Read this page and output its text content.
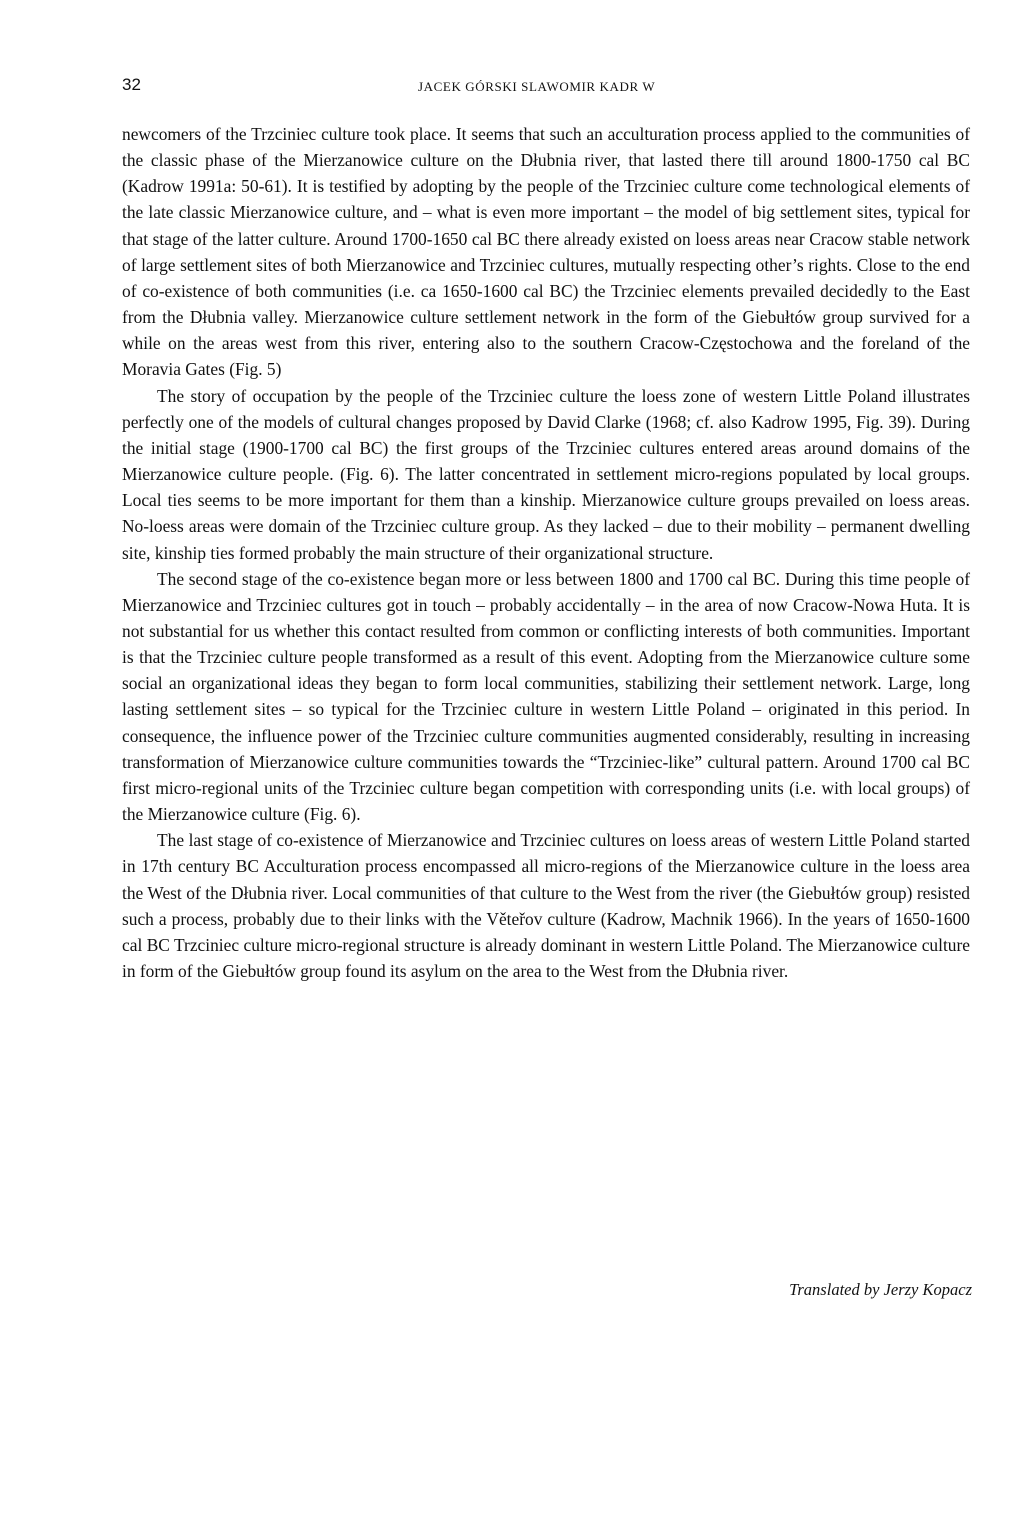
32	JACEK GÓRSKI SLAWOMIR KADR W

newcomers of the Trzciniec culture took place. It seems that such an acculturation process applied to the communities of the classic phase of the Mierzanowice culture on the Dłubnia river, that lasted there till around 1800-1750 cal BC (Kadrow 1991a: 50-61). It is testified by adopting by the people of the Trzciniec culture come technological elements of the late classic Mierzanowice culture, and – what is even more important – the model of big settlement sites, typical for that stage of the latter culture. Around 1700-1650 cal BC there already existed on loess areas near Cracow stable network of large settlement sites of both Mierzanowice and Trzciniec cultures, mutually respecting other’s rights. Close to the end of co-existence of both communities (i.e. ca 1650-1600 cal BC) the Trzciniec elements prevailed decidedly to the East from the Dłubnia valley. Mierzanowice culture settlement network in the form of the Giebułtów group survived for a while on the areas west from this river, entering also to the southern Cracow-Częstochowa and the foreland of the Moravia Gates (Fig. 5)

The story of occupation by the people of the Trzciniec culture the loess zone of western Little Poland illustrates perfectly one of the models of cultural changes proposed by David Clarke (1968; cf. also Kadrow 1995, Fig. 39). During the initial stage (1900-1700 cal BC) the first groups of the Trzciniec cultures entered areas around domains of the Mierzanowice culture people. (Fig. 6). The latter concentrated in settlement micro-regions populated by local groups. Local ties seems to be more important for them than a kinship. Mierzanowice culture groups prevailed on loess areas. No-loess areas were domain of the Trzciniec culture group. As they lacked – due to their mobility – permanent dwelling site, kinship ties formed probably the main structure of their organizational structure.

The second stage of the co-existence began more or less between 1800 and 1700 cal BC. During this time people of Mierzanowice and Trzciniec cultures got in touch – probably accidentally – in the area of now Cracow-Nowa Huta. It is not substantial for us whether this contact resulted from common or conflicting interests of both communities. Important is that the Trzciniec culture people transformed as a result of this event. Adopting from the Mierzanowice culture some social an organizational ideas they began to form local communities, stabilizing their settlement network. Large, long lasting settlement sites – so typical for the Trzciniec culture in western Little Poland – originated in this period. In consequence, the influence power of the Trzciniec culture communities augmented considerably, resulting in increasing transformation of Mierzanowice culture communities towards the “Trzciniec-like” cultural pattern. Around 1700 cal BC first micro-regional units of the Trzciniec culture began competition with corresponding units (i.e. with local groups) of the Mierzanowice culture (Fig. 6).

The last stage of co-existence of Mierzanowice and Trzciniec cultures on loess areas of western Little Poland started in 17th century BC Acculturation process encompassed all micro-regions of the Mierzanowice culture in the loess area the West of the Dłubnia river. Local communities of that culture to the West from the river (the Giebułtów group) resisted such a process, probably due to their links with the Věteřov culture (Kadrow, Machnik 1966). In the years of 1650-1600 cal BC Trzciniec culture micro-regional structure is already dominant in western Little Poland. The Mierzanowice culture in form of the Giebułtów group found its asylum on the area to the West from the Dłubnia river.

Translated by Jerzy Kopacz
